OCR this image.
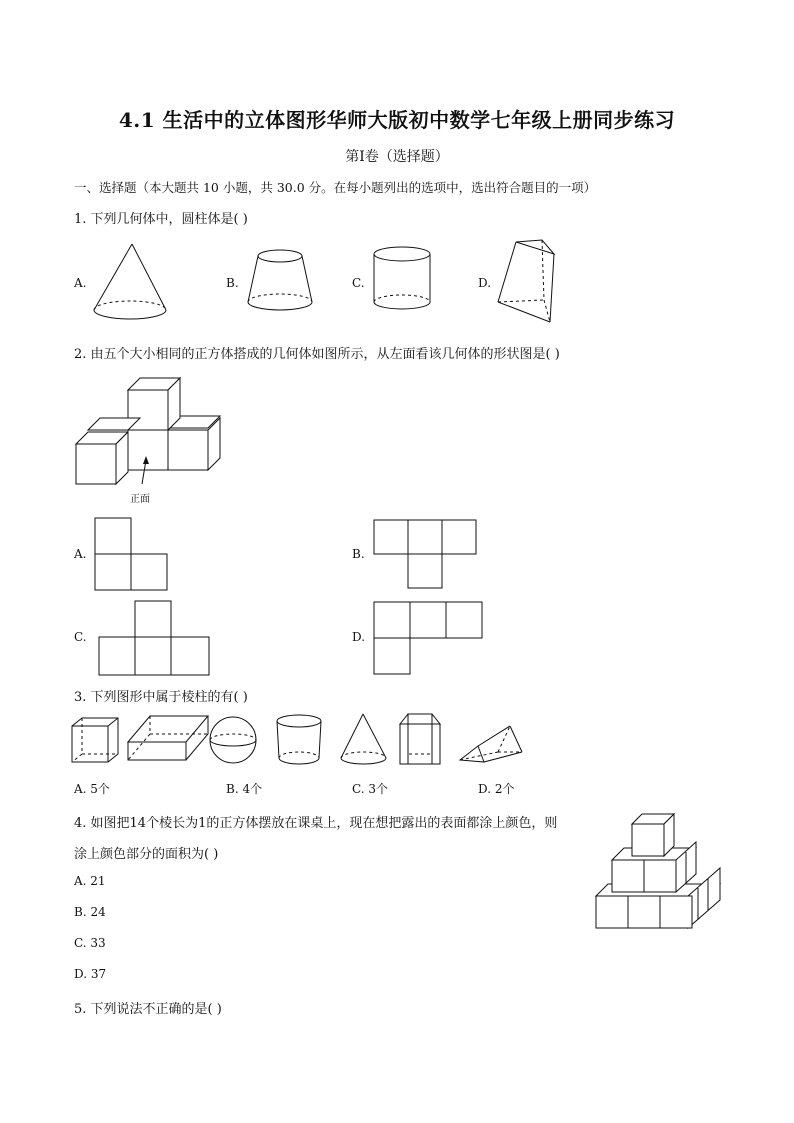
4.1 生活中的立体图形华师大版初中数学七年级上册同步练习
第I卷（选择题）
一、选择题（本大题共 10 小题，共 30.0 分。在每小题列出的选项中，选出符合题目的一项）
1. 下列几何体中，圆柱体是( )
A.	B.	C.	D.
2. 由五个大小相同的正方体搭成的几何体如图所示，从左面看该几何体的形状图是( )
正面
A.	B.
C.	D.
3. 下列图形中属于棱柱的有( )
A. 5个	B. 4个	C. 3个	D. 2个
4. 如图把14个棱长为1的正方体摆放在课桌上，现在想把露出的表面都涂上颜色，则
涂上颜色部分的面积为( )
A. 21
B. 24
C. 33
D. 37
5. 下列说法不正确的是( )
